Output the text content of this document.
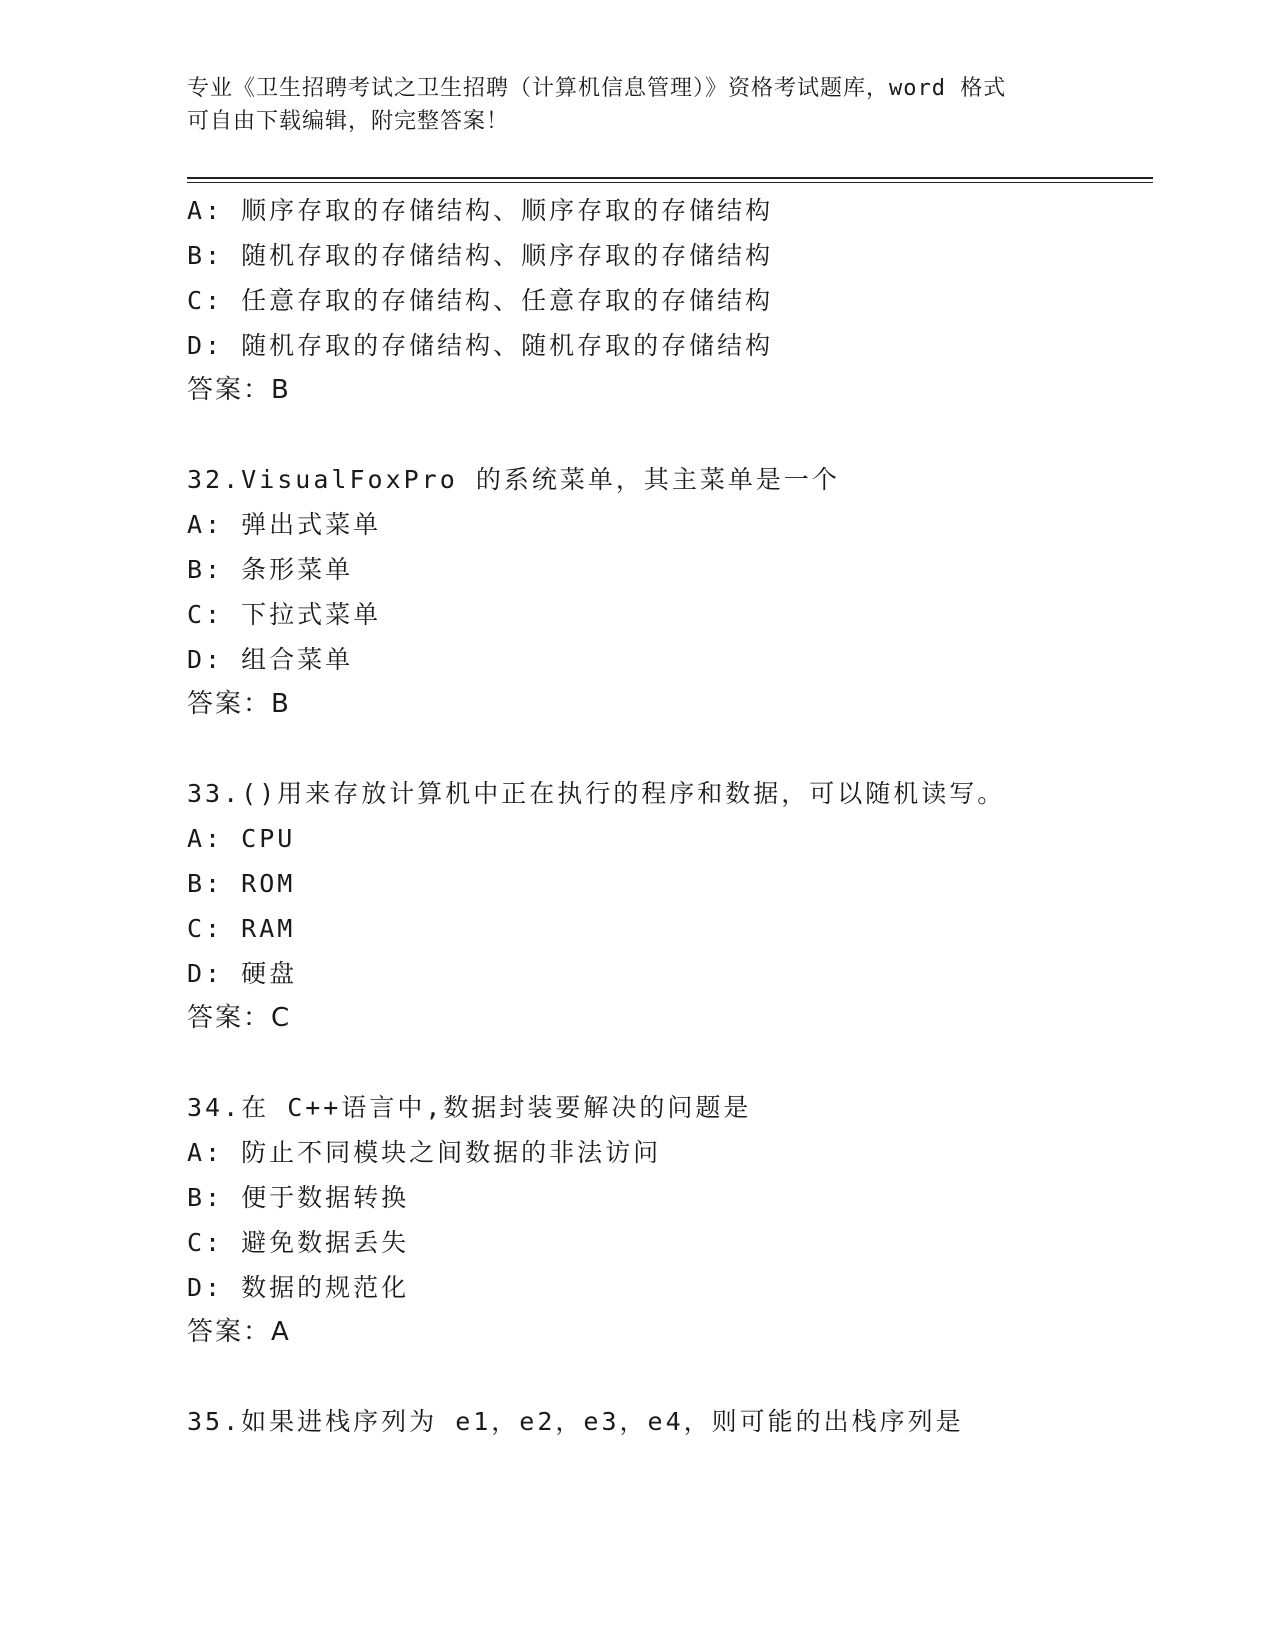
专业《卫生招聘考试之卫生招聘（计算机信息管理）》资格考试题库，word 格式
可自由下载编辑，附完整答案！
A: 顺序存取的存储结构、顺序存取的存储结构
B: 随机存取的存储结构、顺序存取的存储结构
C: 任意存取的存储结构、任意存取的存储结构
D: 随机存取的存储结构、随机存取的存储结构
答案：B
32.VisualFoxPro 的系统菜单，其主菜单是一个
A: 弹出式菜单
B: 条形菜单
C: 下拉式菜单
D: 组合菜单
答案：B
33.()用来存放计算机中正在执行的程序和数据，可以随机读写。
A: CPU
B: ROM
C: RAM
D: 硬盘
答案：C
34.在 C++语言中,数据封装要解决的问题是
A: 防止不同模块之间数据的非法访问
B: 便于数据转换
C: 避免数据丢失
D: 数据的规范化
答案：A
35.如果进栈序列为 e1，e2，e3，e4，则可能的出栈序列是
